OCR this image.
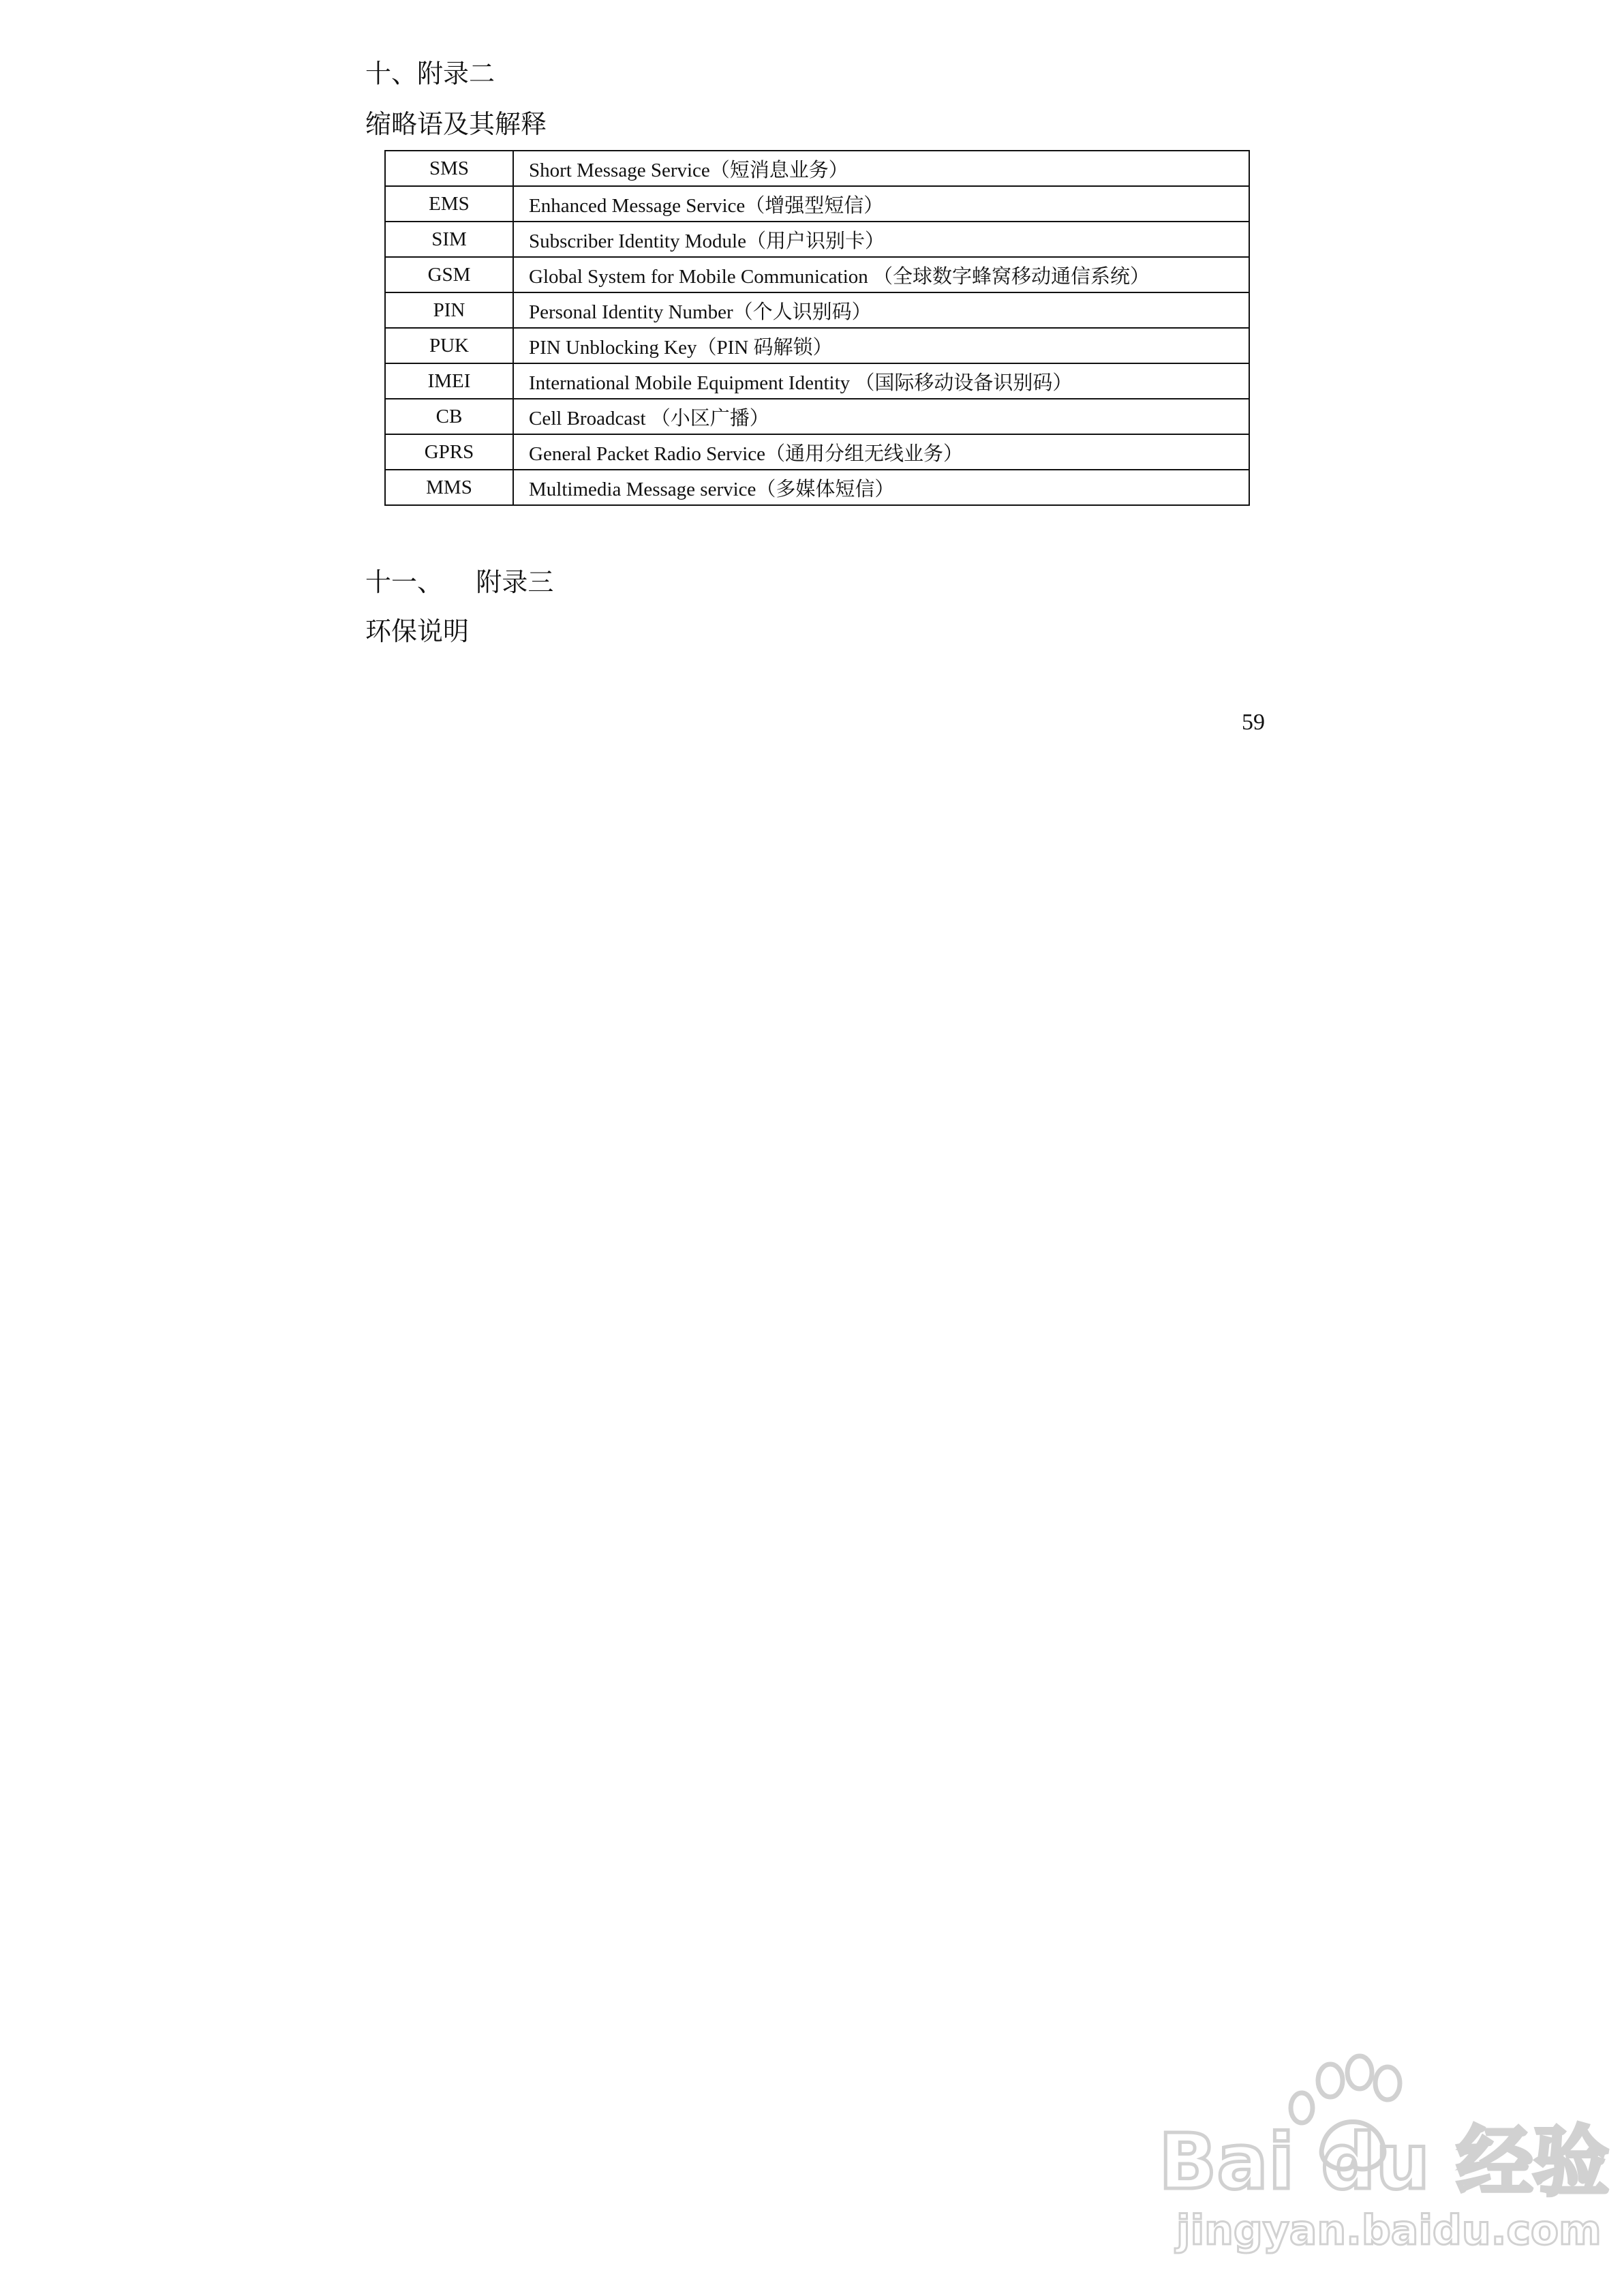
十、附录二
缩略语及其解释
SMS	Short Message Service（短消息业务）
EMS	Enhanced Message Service（增强型短信）
SIM	Subscriber Identity Module（用户识别卡）
GSM	Global System for Mobile Communication （全球数字蜂窝移动通信系统）
PIN	Personal Identity Number（个人识别码）
PUK	PIN Unblocking Key（PIN 码解锁）
IMEI	International Mobile Equipment Identity （国际移动设备识别码）
CB	Cell Broadcast （小区广播）
GPRS	General Packet Radio Service（通用分组无线业务）
MMS	Multimedia Message service（多媒体短信）
十一、    附录三
环保说明
59
Bai du 经验
jingyan.baidu.com
